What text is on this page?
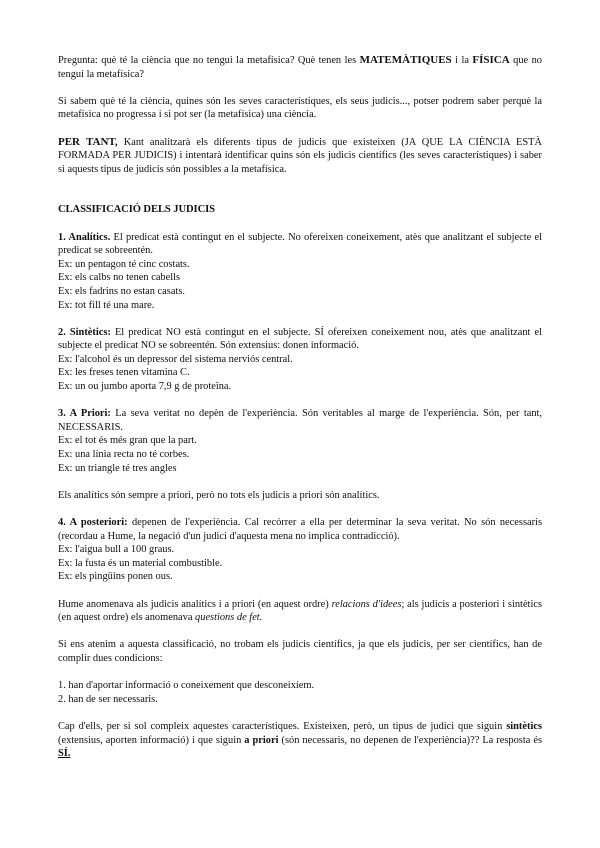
Pregunta: què té la ciència que no tengui la metafísica? Què tenen les MATEMÀTIQUES i la FÍSICA que no tengui la metafísica?

Si sabem què té la ciència, quines són les seves característiques, els seus judicis..., potser podrem saber perquè la metafísica no progressa i si pot ser (la metafísica) una ciència.

PER TANT, Kant analitzarà els diferents tipus de judicis que existeixen (JA QUE LA CIÈNCIA ESTÀ FORMADA PER JUDICIS) i intentarà identificar quins són els judicis científics (les seves característiques) i saber si aquests tipus de judicis són possibles a la metafísica.

CLASSIFICACIÓ DELS JUDICIS

1. Analítics. El predicat està contingut en el subjecte. No ofereixen coneixement, atès que analitzant el subjecte el predicat se sobreentén.

Ex: un pentagon té cinc costats.

Ex: els calbs no tenen cabells

Ex: els fadrins no estan casats.

Ex: tot fill té una mare.

2. Sintètics: El predicat NO està contingut en el subjecte. SÍ ofereixen coneixement nou, atès que analitzant el subjecte el predicat NO se sobreentén. Són extensius: donen informació.

Ex: l'alcohol és un depressor del sistema nerviós central.

Ex: les freses tenen vitamina C.

Ex: un ou jumbo aporta 7,9 g de proteïna.

3. A Priori: La seva veritat no depèn de l'experiència. Són veritables al marge de l'experiència. Són, per tant, NECESSARIS.

Ex: el tot és més gran que la part.

Ex: una línia recta no té corbes.

Ex: un triangle té tres angles

Els analítics són sempre a priori, però no tots els judicis a priori són analítics.

4. A posteriori: depenen de l'experiència. Cal recórrer a ella per determinar la seva veritat. No són necessaris (recordau a Hume, la negació d'un judici d'aquesta mena no implica contradicció).

Ex: l'aigua bull a 100 graus.

Ex: la fusta és un material combustible.

Ex: els pingüins ponen ous.

Hume anomenava als judicis analítics i a priori (en aquest ordre) relacions d'idees; als judicis a posteriori i sintètics (en aquest ordre) els anomenava questions de fet.

Si ens atenim a aquesta classificació, no trobam els judicis científics, ja que els judicis, per ser científics, han de complir dues condicions:

1. han d'aportar informació o coneixement que desconeixíem.

2. han de ser necessaris.

Cap d'ells, per si sol compleix aquestes característiques. Existeixen, però, un tipus de judici que siguin sintètics (extensius, aporten informació) i que siguin a priori (són necessaris, no depenen de l'experiència)?? La resposta és SÍ.
